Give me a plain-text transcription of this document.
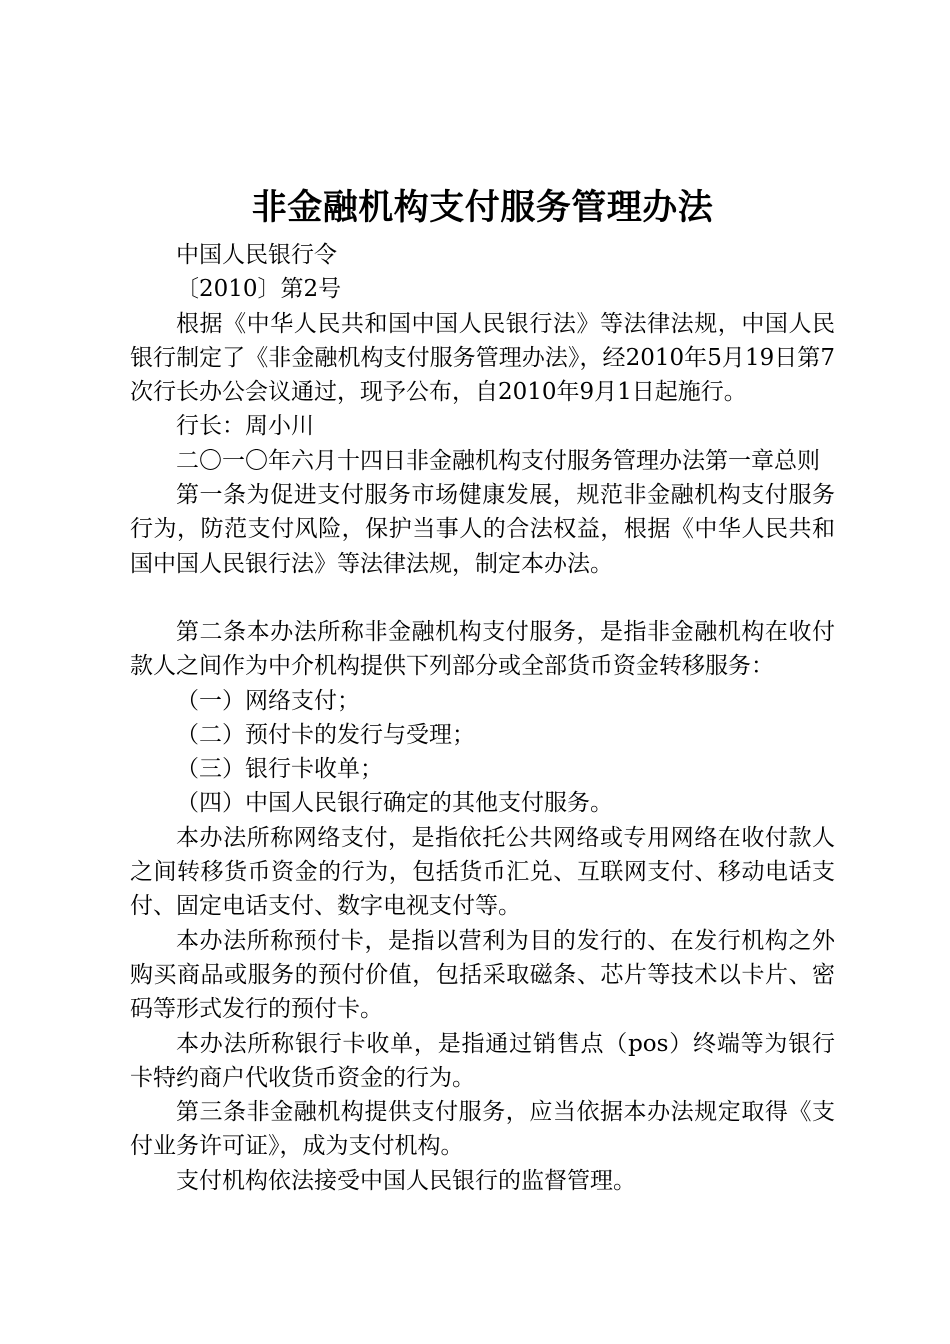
非金融机构支付服务管理办法

中国人民银行令

〔2010〕第2号

根据《中华人民共和国中国人民银行法》等法律法规，中国人民银行制定了《非金融机构支付服务管理办法》，经2010年5月19日第7次行长办公会议通过，现予公布，自2010年9月1日起施行。

行长：周小川

二〇一〇年六月十四日非金融机构支付服务管理办法第一章总则

第一条为促进支付服务市场健康发展，规范非金融机构支付服务行为，防范支付风险，保护当事人的合法权益，根据《中华人民共和国中国人民银行法》等法律法规，制定本办法。

第二条本办法所称非金融机构支付服务，是指非金融机构在收付款人之间作为中介机构提供下列部分或全部货币资金转移服务：

（一）网络支付；

（二）预付卡的发行与受理；

（三）银行卡收单；

（四）中国人民银行确定的其他支付服务。

本办法所称网络支付，是指依托公共网络或专用网络在收付款人之间转移货币资金的行为，包括货币汇兑、互联网支付、移动电话支付、固定电话支付、数字电视支付等。

本办法所称预付卡，是指以营利为目的发行的、在发行机构之外购买商品或服务的预付价值，包括采取磁条、芯片等技术以卡片、密码等形式发行的预付卡。

本办法所称银行卡收单，是指通过销售点（pos）终端等为银行卡特约商户代收货币资金的行为。

第三条非金融机构提供支付服务，应当依据本办法规定取得《支付业务许可证》，成为支付机构。

支付机构依法接受中国人民银行的监督管理。
